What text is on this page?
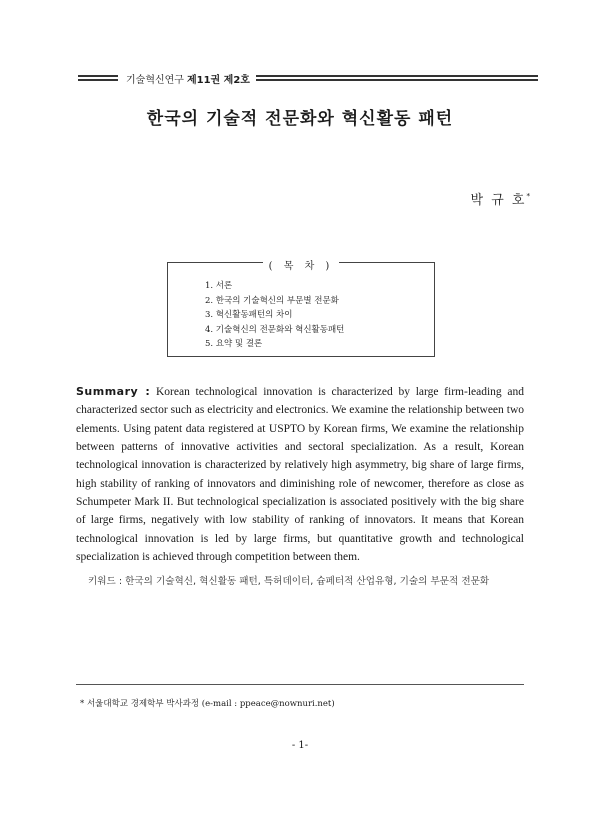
기술혁신연구 제11권 제2호
한국의 기술적 전문화와 혁신활동 패턴
박 규 호*
( 목 차 )
1. 서론
2. 한국의 기술혁신의 부문별 전문화
3. 혁신활동패턴의 차이
4. 기술혁신의 전문화와 혁신활동패턴
5. 요약 및 결론

Summary : Korean technological innovation is characterized by large firm-leading and characterized sector such as electricity and electronics. We examine the relationship between two elements. Using patent data registered at USPTO by Korean firms, We examine the relationship between patterns of innovative activities and sectoral specialization. As a result, Korean technological innovation is characterized by relatively high asymmetry, big share of large firms, high stability of ranking of innovators and diminishing role of newcomer, therefore as close as Schumpeter Mark II. But technological specialization is associated positively with the big share of large firms, negatively with low stability of ranking of innovators. It means that Korean technological innovation is led by large firms, but quantitative growth and technological specialization is achieved through competition between them.

키워드 : 한국의 기술혁신, 혁신활동 패턴, 특허데이터, 슘페터적 산업유형, 기술의 부문적 전문화
* 서울대학교 경제학부 박사과정 (e-mail : ppeace@nownuri.net)
- 1-
